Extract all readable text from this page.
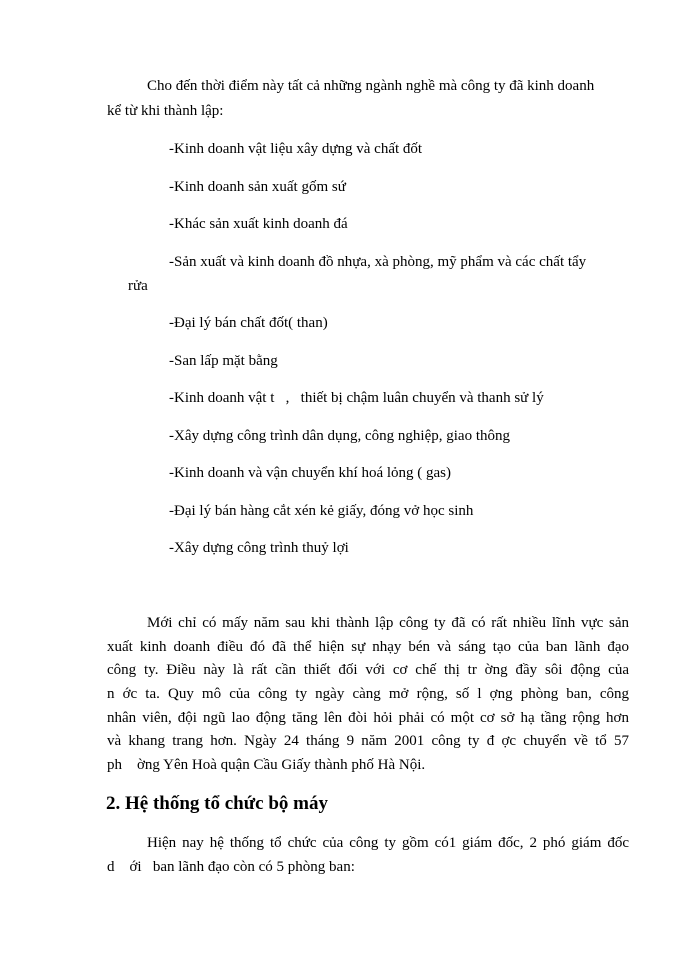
Cho đến thời điểm này tất cả những ngành nghề mà công ty đã kinh doanh
kể từ khi thành lập:
-Kinh doanh vật liệu xây dựng và chất đốt
-Kinh doanh sản xuất gốm sứ
-Khác sản xuất kinh doanh đá
-Sản xuất và kinh doanh đồ nhựa, xà phòng, mỹ phẩm và các chất tẩy
rửa
-Đại lý bán chất đốt( than)
-San lấp mặt bằng
-Kinh doanh vật t   ,   thiết bị chậm luân chuyển và thanh sử lý
-Xây dựng công trình dân dụng, công nghiệp, giao thông
-Kinh doanh và vận chuyển khí hoá lỏng ( gas)
-Đại lý bán hàng cắt xén kẻ giấy, đóng vở học sinh
-Xây dựng công trình thuỷ lợi
Mới chỉ có mấy năm sau khi thành lập công ty đã có rất nhiều lĩnh vực sản
xuất kinh doanh điều đó đã thể hiện sự nhạy bén và sáng tạo của ban lãnh đạo
công ty. Điều này là rất cần thiết đối với cơ chế thị tr ờng đầy sôi động của
n ớc ta. Quy mô của công ty ngày càng mở rộng, số l ợng phòng ban, công
nhân viên, đội ngũ lao động tăng lên đòi hỏi phải có một cơ sở hạ tầng rộng hơn
và khang trang hơn. Ngày 24 tháng 9 năm 2001 công ty đ ợc chuyển về tổ 57
ph    ờng Yên Hoà quận Cầu Giấy thành phố Hà Nội.
2. Hệ thống tổ chức bộ máy
Hiện nay hệ thống tổ chức của công ty gồm có1 giám đốc, 2 phó giám đốc
d    ới   ban lãnh đạo còn có 5 phòng ban:
